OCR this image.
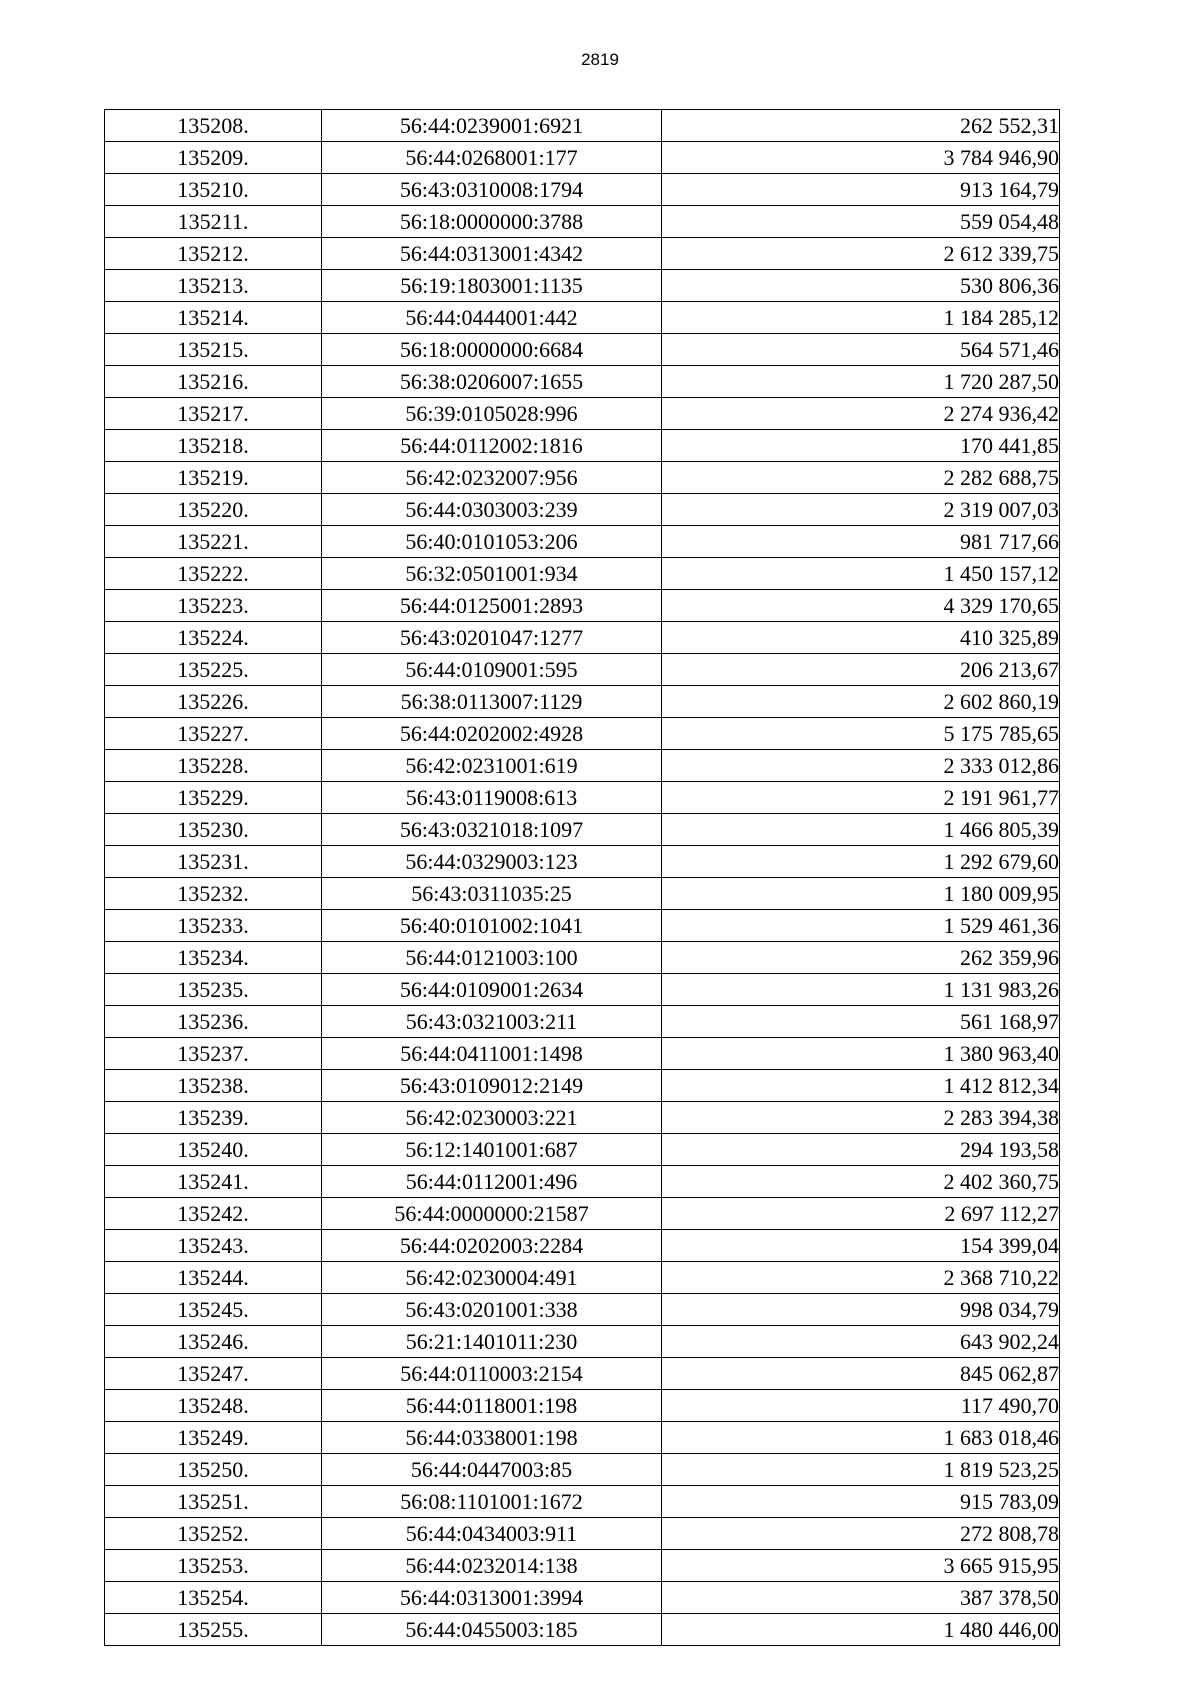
2819
135208.	56:44:0239001:6921	262 552,31
135209.	56:44:0268001:177	3 784 946,90
135210.	56:43:0310008:1794	913 164,79
135211.	56:18:0000000:3788	559 054,48
135212.	56:44:0313001:4342	2 612 339,75
135213.	56:19:1803001:1135	530 806,36
135214.	56:44:0444001:442	1 184 285,12
135215.	56:18:0000000:6684	564 571,46
135216.	56:38:0206007:1655	1 720 287,50
135217.	56:39:0105028:996	2 274 936,42
135218.	56:44:0112002:1816	170 441,85
135219.	56:42:0232007:956	2 282 688,75
135220.	56:44:0303003:239	2 319 007,03
135221.	56:40:0101053:206	981 717,66
135222.	56:32:0501001:934	1 450 157,12
135223.	56:44:0125001:2893	4 329 170,65
135224.	56:43:0201047:1277	410 325,89
135225.	56:44:0109001:595	206 213,67
135226.	56:38:0113007:1129	2 602 860,19
135227.	56:44:0202002:4928	5 175 785,65
135228.	56:42:0231001:619	2 333 012,86
135229.	56:43:0119008:613	2 191 961,77
135230.	56:43:0321018:1097	1 466 805,39
135231.	56:44:0329003:123	1 292 679,60
135232.	56:43:0311035:25	1 180 009,95
135233.	56:40:0101002:1041	1 529 461,36
135234.	56:44:0121003:100	262 359,96
135235.	56:44:0109001:2634	1 131 983,26
135236.	56:43:0321003:211	561 168,97
135237.	56:44:0411001:1498	1 380 963,40
135238.	56:43:0109012:2149	1 412 812,34
135239.	56:42:0230003:221	2 283 394,38
135240.	56:12:1401001:687	294 193,58
135241.	56:44:0112001:496	2 402 360,75
135242.	56:44:0000000:21587	2 697 112,27
135243.	56:44:0202003:2284	154 399,04
135244.	56:42:0230004:491	2 368 710,22
135245.	56:43:0201001:338	998 034,79
135246.	56:21:1401011:230	643 902,24
135247.	56:44:0110003:2154	845 062,87
135248.	56:44:0118001:198	117 490,70
135249.	56:44:0338001:198	1 683 018,46
135250.	56:44:0447003:85	1 819 523,25
135251.	56:08:1101001:1672	915 783,09
135252.	56:44:0434003:911	272 808,78
135253.	56:44:0232014:138	3 665 915,95
135254.	56:44:0313001:3994	387 378,50
135255.	56:44:0455003:185	1 480 446,00
